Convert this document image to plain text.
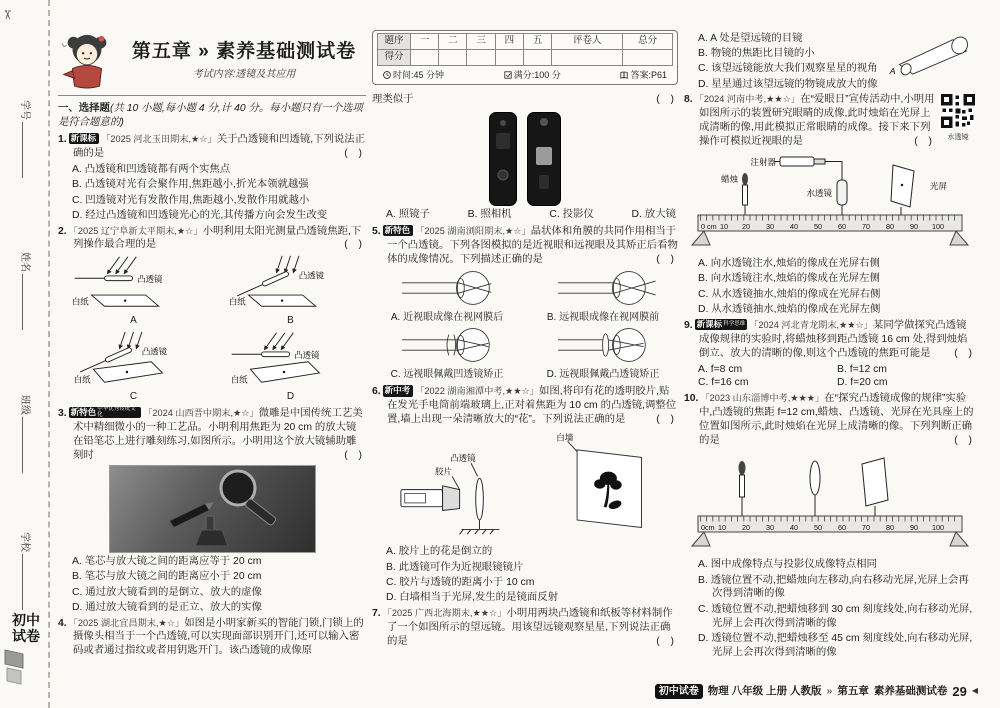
✂
学号
姓名
班级
学校
初中试卷
第五章 » 素养基础测试卷
考试内容:透镜及其应用
一、选择题(共 10 小题,每小题 4 分,计 40 分。每小题只有一个选项是符合题意的)

1. 新课标 「2025 河北玉田期末,★☆」关于凸透镜和凹透镜,下列说法正确的是	( )

A. 凸透镜和凹透镜都有两个实焦点
B. 凸透镜对光有会聚作用,焦距越小,折光本领就越强
C. 凹透镜对光有发散作用,焦距越小,发散作用就越小
D. 经过凸透镜和凹透镜光心的光,其传播方向会发生改变

2. 「2025 辽宁阜新太平期末,★☆」小明利用太阳光测量凸透镜焦距,下列操作最合理的是	( )

凸透镜
白纸
A
凸透镜
白纸
B
凸透镜
白纸
C
凸透镜
白纸
D

3. 新特色 中华优秀传统文化	「2024 山西晋中期末,★☆」微雕是中国传统工艺美术中精细微小的一种工艺品。小明利用焦距为 20 cm 的放大镜在铅笔芯上进行雕刻练习,如图所示。小明用这个放大镜辅助雕刻时	( )

A. 笔芯与放大镜之间的距离应等于 20 cm
B. 笔芯与放大镜之间的距离应小于 20 cm
C. 通过放大镜看到的是倒立、放大的虚像
D. 通过放大镜看到的是正立、放大的实像

4. 「2025 湖北宜昌期末,★☆」如图是小明家新买的智能门锁,门锁上的摄像头相当于一个凸透镜,可以实现面部识别开门,还可以输入密码或者通过指纹或者用钥匙开门。该凸透镜的成像原

题序	一	二	三	四	五	评卷人	总分
得分							
时间:45 分钟	满分:100 分	答案:P61

理类似于	( )

A. 照镜子	B. 照相机	C. 投影仪	D. 放大镜

5. 新特色 「2025 湖南浏阳期末,★☆」晶状体和角膜的共同作用相当于一个凸透镜。下列各图模拟的是近视眼和远视眼及其矫正后看物体的成像情况。下列描述正确的是	( )

A. 近视眼成像在视网膜后	B. 远视眼成像在视网膜前
C. 远视眼佩戴凹透镜矫正	D. 远视眼佩戴凸透镜矫正

6. 新中考 「2022 湖南湘潭中考,★★☆」如图,将印有花的透明胶片,贴在发光手电筒前端玻璃上,正对着焦距为 10 cm 的凸透镜,调整位置,墙上出现一朵清晰放大的“花”。下列说法正确的是	( )

白墙
凸透镜
胶片
A. 胶片上的花是倒立的
B. 此透镜可作为近视眼镜镜片
C. 胶片与透镜的距离小于 10 cm
D. 白墙相当于光屏,发生的是镜面反射

7. 「2025 广西北海期末,★★☆」小明用两块凸透镜和纸板等材料制作了一个如图所示的望远镜。用该望远镜观察星星,下列说法正确的是	( )

A
A. A 处是望远镜的目镜
B. 物镜的焦距比目镜的小
C. 该望远镜能放大我们观察星星的视角
D. 星星通过该望远镜的物镜成放大的像
水透镜

8. 「2024 河南中考,★★☆」在“爱眼日”宣传活动中,小明用如图所示的装置研究眼睛的成像,此时烛焰在光屏上成清晰的像,用此模拟正常眼睛的成像。接下来下列操作可模拟近视眼的是	( )

注射器
水透镜
蜡烛
光屏
0 cm 10 20 30 40 50 60 70 80 90 100
A. 向水透镜注水,烛焰的像成在光屏右侧
B. 向水透镜注水,烛焰的像成在光屏左侧
C. 从水透镜抽水,烛焰的像成在光屏右侧
D. 从水透镜抽水,烛焰的像成在光屏左侧

9. 新课标 科学思维 「2024 河北青龙期末,★★☆」某同学做探究凸透镜成像规律的实验时,将蜡烛移到距凸透镜 16 cm 处,得到烛焰倒立、放大的清晰的像,则这个凸透镜的焦距可能是 ( )

A. f=8 cm	B. f=12 cm
C. f=16 cm	D. f=20 cm

10. 「2023 山东淄博中考,★★★」在“探究凸透镜成像的规律”实验中,凸透镜的焦距 f=12 cm,蜡烛、凸透镜、光屏在光具座上的位置如图所示,此时烛焰在光屏上成清晰的像。下列判断正确的是	( )

0cm 10 20 30 40 50 60 70 80 90 100
A. 图中成像特点与投影仪成像特点相同
B. 透镜位置不动,把蜡烛向左移动,向右移动光屏,光屏上会再次得到清晰的像
C. 透镜位置不动,把蜡烛移到 30 cm 刻度线处,向右移动光屏,光屏上会再次得到清晰的像
D. 透镜位置不动,把蜡烛移至 45 cm 刻度线处,向右移动光屏,光屏上会再次得到清晰的像
初中试卷 物理 八年级 上册 人教版 » 第五章 素养基础测试卷 29 ◀
